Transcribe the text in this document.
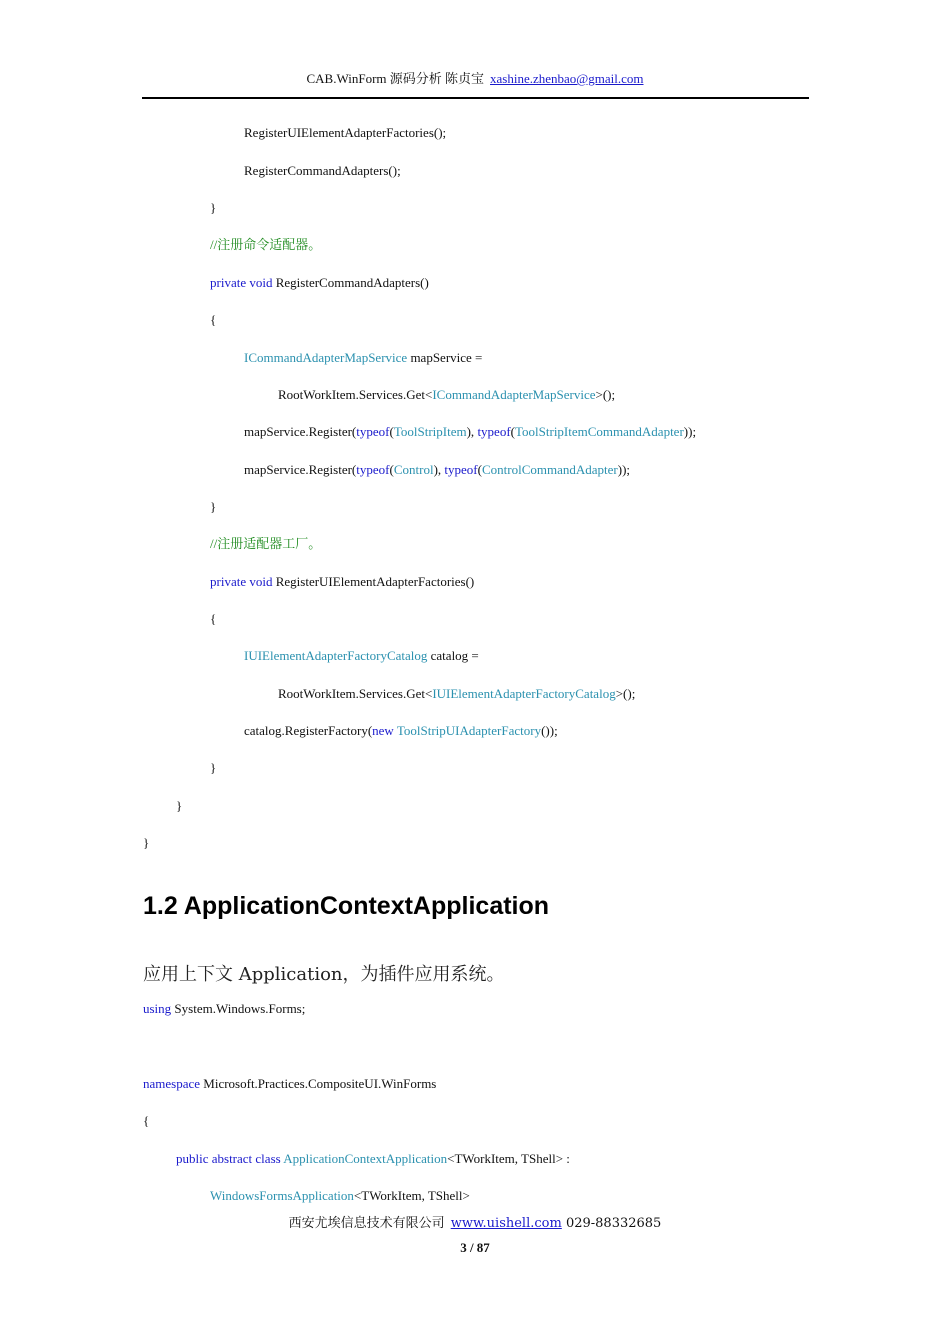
CAB.WinForm 源码分析 陈贞宝 xashine.zhenbao@gmail.com
RegisterUIElementAdapterFactories();
RegisterCommandAdapters();
}
//注册命令适配器。
private void RegisterCommandAdapters()
{
ICommandAdapterMapService mapService =
RootWorkItem.Services.Get<ICommandAdapterMapService>();
mapService.Register(typeof(ToolStripItem), typeof(ToolStripItemCommandAdapter));
mapService.Register(typeof(Control), typeof(ControlCommandAdapter));
}
//注册适配器工厂。
private void RegisterUIElementAdapterFactories()
{
IUIElementAdapterFactoryCatalog catalog =
RootWorkItem.Services.Get<IUIElementAdapterFactoryCatalog>();
catalog.RegisterFactory(new ToolStripUIAdapterFactory());
}
}
}
1.2 ApplicationContextApplication
应用上下文 Application，为插件应用系统。
using System.Windows.Forms;
namespace Microsoft.Practices.CompositeUI.WinForms
{
public abstract class ApplicationContextApplication<TWorkItem, TShell> :
WindowsFormsApplication<TWorkItem, TShell>
西安尤埃信息技术有限公司 www.uishell.com 029-88332685
3 / 87
